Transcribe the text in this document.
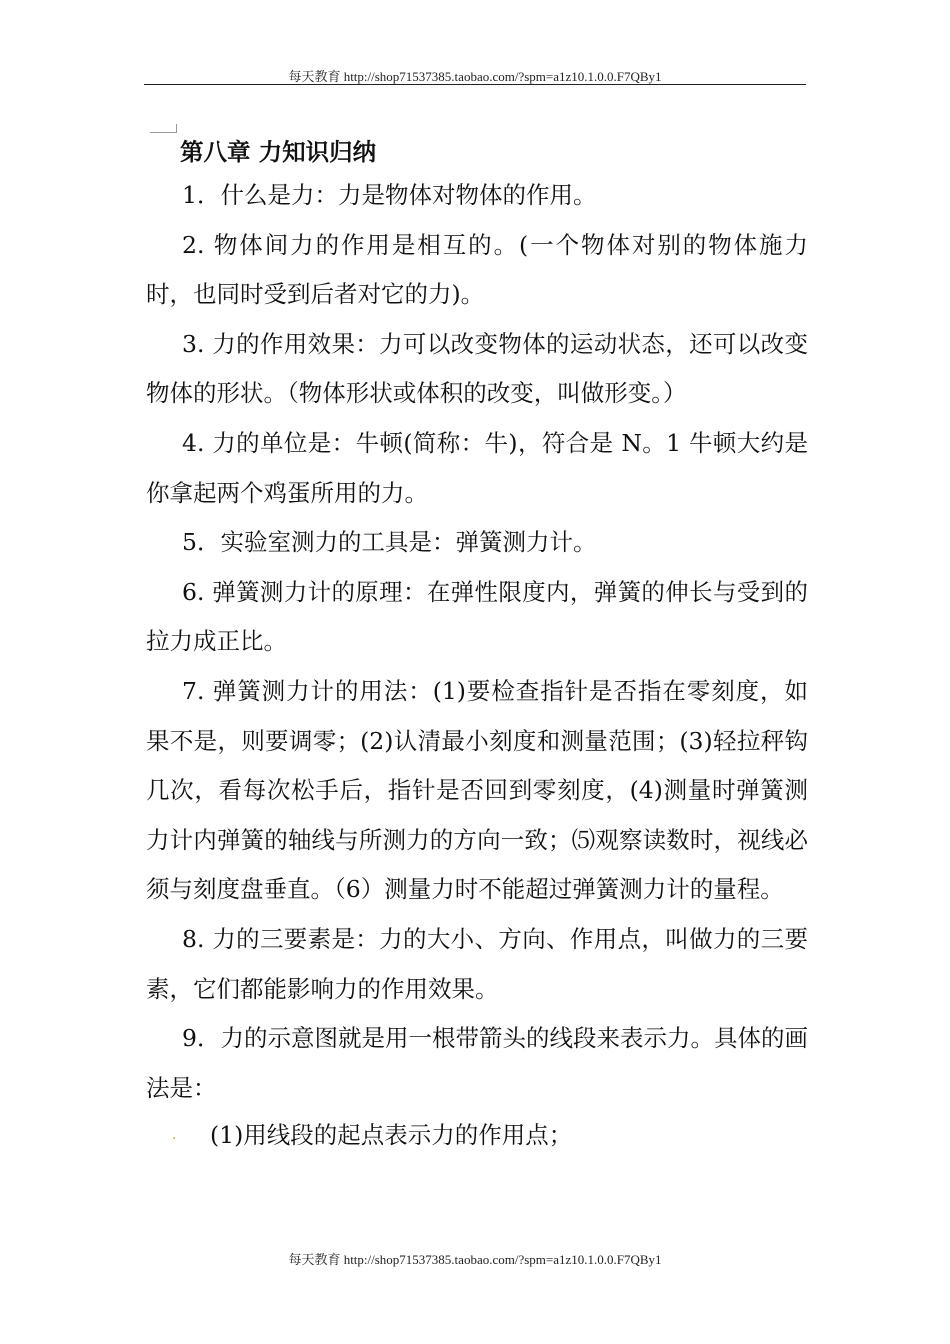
每天教育 http://shop71537385.taobao.com/?spm=a1z10.1.0.0.F7QBy1
第八章 力知识归纳

1．什么是力：力是物体对物体的作用。

2. 物体间力的作用是相互的。(一个物体对别的物体施力时，也同时受到后者对它的力)。

3. 力的作用效果：力可以改变物体的运动状态，还可以改变物体的形状。（物体形状或体积的改变，叫做形变。）

4. 力的单位是：牛顿(简称：牛)，符合是 N。1 牛顿大约是你拿起两个鸡蛋所用的力。

5．实验室测力的工具是：弹簧测力计。

6. 弹簧测力计的原理：在弹性限度内，弹簧的伸长与受到的拉力成正比。

7. 弹簧测力计的用法：(1)要检查指针是否指在零刻度，如果不是，则要调零；(2)认清最小刻度和测量范围；(3)轻拉秤钩几次，看每次松手后，指针是否回到零刻度，(4)测量时弹簧测力计内弹簧的轴线与所测力的方向一致；⑸观察读数时，视线必须与刻度盘垂直。（6）测量力时不能超过弹簧测力计的量程。

8. 力的三要素是：力的大小、方向、作用点，叫做力的三要素，它们都能影响力的作用效果。

9．力的示意图就是用一根带箭头的线段来表示力。具体的画法是：

. (1)用线段的起点表示力的作用点；

每天教育 http://shop71537385.taobao.com/?spm=a1z10.1.0.0.F7QBy1
